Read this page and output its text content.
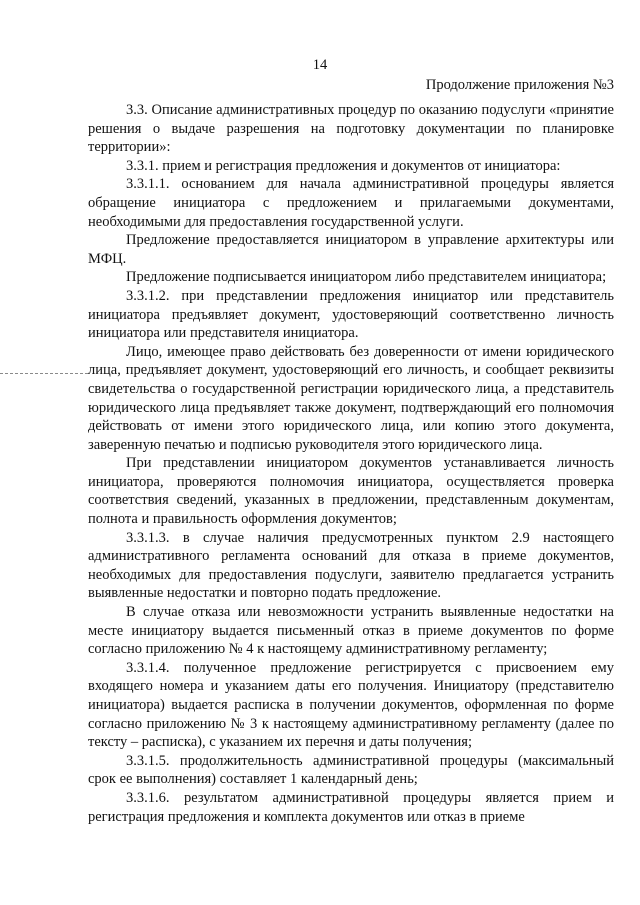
14
Продолжение приложения №3

3.3. Описание административных процедур по оказанию подуслуги «принятие решения о выдаче разрешения на подготовку документации по планировке территории»:

3.3.1. прием и регистрация предложения и документов от инициатора:

3.3.1.1. основанием для начала административной процедуры является обращение инициатора с предложением и прилагаемыми документами, необходимыми для предоставления государственной услуги.

Предложение предоставляется инициатором в управление архитектуры или МФЦ.

Предложение подписывается инициатором либо представителем инициатора;

3.3.1.2. при представлении предложения инициатор или представитель инициатора предъявляет документ, удостоверяющий соответственно личность инициатора или представителя инициатора.

Лицо, имеющее право действовать без доверенности от имени юридического лица, предъявляет документ, удостоверяющий его личность, и сообщает реквизиты свидетельства о государственной регистрации юридического лица, а представитель юридического лица предъявляет также документ, подтверждающий его полномочия действовать от имени этого юридического лица, или копию этого документа, заверенную печатью и подписью руководителя этого юридического лица.

При представлении инициатором документов устанавливается личность инициатора, проверяются полномочия инициатора, осуществляется проверка соответствия сведений, указанных в предложении, представленным документам, полнота и правильность оформления документов;

3.3.1.3. в случае наличия предусмотренных пунктом 2.9 настоящего административного регламента оснований для отказа в приеме документов, необходимых для предоставления подуслуги, заявителю предлагается устранить выявленные недостатки и повторно подать предложение.

В случае отказа или невозможности устранить выявленные недостатки на месте инициатору выдается письменный отказ в приеме документов по форме согласно приложению № 4 к настоящему административному регламенту;

3.3.1.4. полученное предложение регистрируется с присвоением ему входящего номера и указанием даты его получения. Инициатору (представителю инициатора) выдается расписка в получении документов, оформленная по форме согласно приложению № 3 к настоящему административному регламенту (далее по тексту – расписка), с указанием их перечня и даты получения;

3.3.1.5. продолжительность административной процедуры (максимальный срок ее выполнения) составляет 1 календарный день;

3.3.1.6. результатом административной процедуры является прием и регистрация предложения и комплекта документов или отказ в приеме
